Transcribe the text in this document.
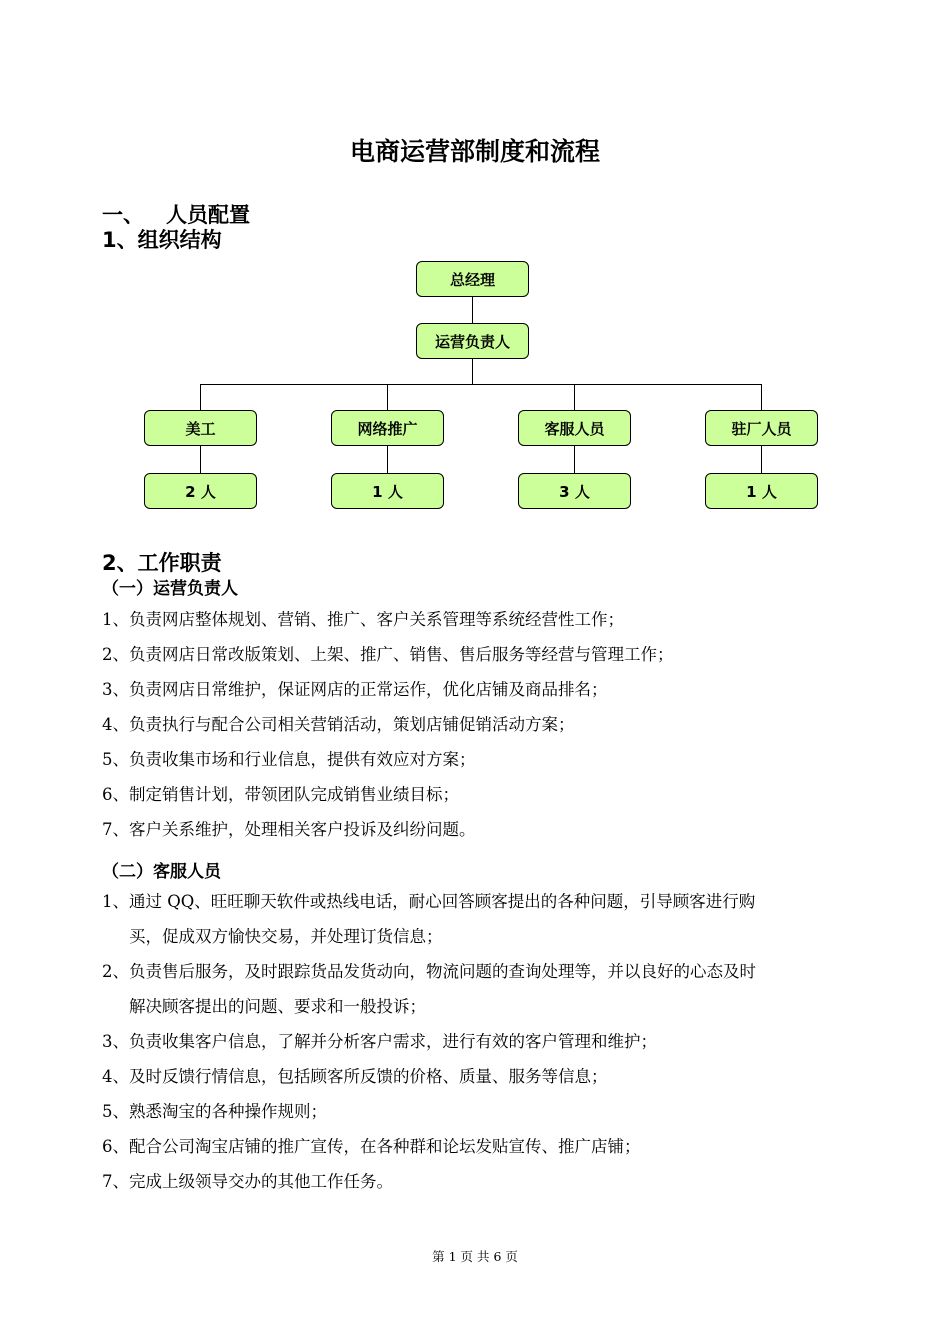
电商运营部制度和流程
一、 人员配置
1、组织结构
总经理
运营负责人
美工	网络推广	客服人员	驻厂人员
2 人	1 人	3 人	1 人
2、工作职责
（一）运营负责人
1、负责网店整体规划、营销、推广、客户关系管理等系统经营性工作；
2、负责网店日常改版策划、上架、推广、销售、售后服务等经营与管理工作；
3、负责网店日常维护，保证网店的正常运作，优化店铺及商品排名；
4、负责执行与配合公司相关营销活动，策划店铺促销活动方案；
5、负责收集市场和行业信息，提供有效应对方案；
6、制定销售计划，带领团队完成销售业绩目标；
7、客户关系维护，处理相关客户投诉及纠纷问题。
（二）客服人员
1、通过 QQ、旺旺聊天软件或热线电话，耐心回答顾客提出的各种问题，引导顾客进行购
买，促成双方愉快交易，并处理订货信息；
2、负责售后服务，及时跟踪货品发货动向，物流问题的查询处理等，并以良好的心态及时
解决顾客提出的问题、要求和一般投诉；
3、负责收集客户信息，了解并分析客户需求，进行有效的客户管理和维护；
4、及时反馈行情信息，包括顾客所反馈的价格、质量、服务等信息；
5、熟悉淘宝的各种操作规则；
6、配合公司淘宝店铺的推广宣传，在各种群和论坛发贴宣传、推广店铺；
7、完成上级领导交办的其他工作任务。
第 1 页 共 6 页
